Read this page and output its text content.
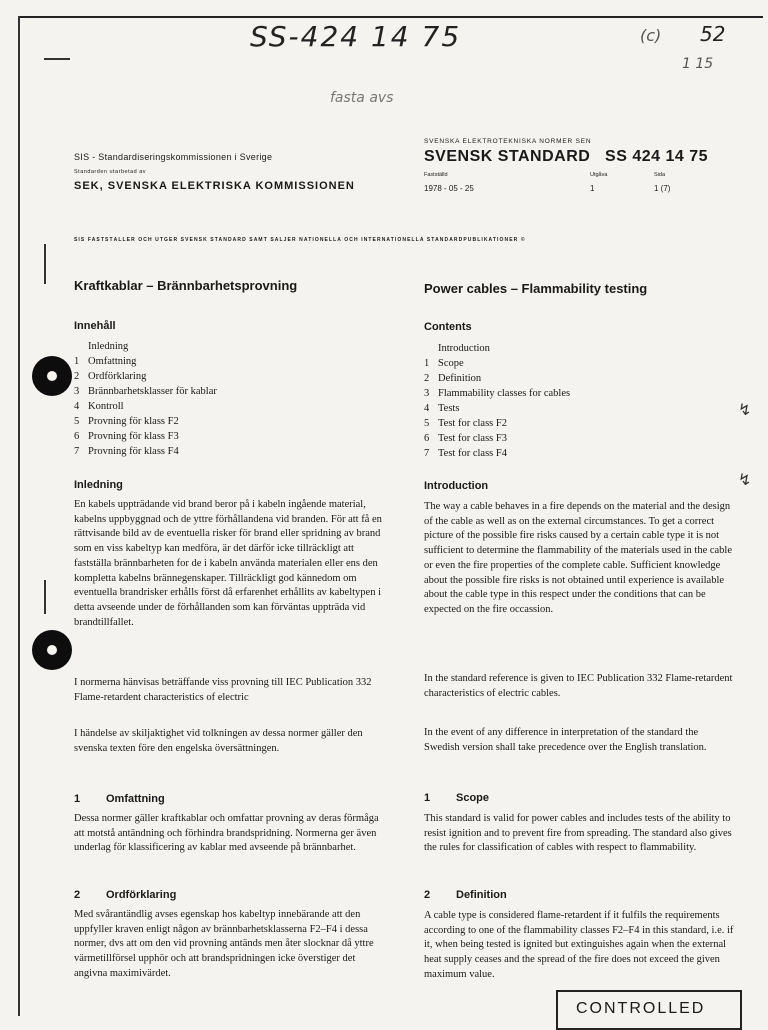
SS-424 14 75	(c) 52
1 15
fasta avs
SIS - Standardiseringskommissionen i Sverige
Standarden utarbetad av
SEK, SVENSKA ELEKTRISKA KOMMISSIONEN
SVENSKA ELEKTROTEKNISKA NORMER SEN
SVENSK STANDARD SS 424 14 75
Fastställd	Utgåva	Sida
1978 - 05 - 25	1	1 (7)
SIS FASTSTÄLLER OCH UTGER SVENSK STANDARD SAMT SÄLJER NATIONELLA OCH INTERNATIONELLA STANDARDPUBLIKATIONER ©
Kraftkablar – Brännbarhetsprovning
Innehåll
Inledning
1 Omfattning
2 Ordförklaring
3 Brännbarhetsklasser för kablar
4 Kontroll
5 Provning för klass F2
6 Provning för klass F3
7 Provning för klass F4
Inledning

En kabels uppträdande vid brand beror på i kabeln ingående material, kabelns uppbyggnad och de yttre förhållandena vid branden. För att få en rättvisande bild av de eventuella risker för brand eller spridning av brand som en viss kabeltyp kan medföra, är det därför icke tillräckligt att fastställa brännbarheten for de i kabeln använda materialen eller ens den kompletta kabelns brännegenskaper. Tillräckligt god kännedom om eventuella brandrisker erhålls först då erfarenhet erhållits av kabeltypen i detta avseende under de förhållanden som kan förväntas uppträda vid brandtillfallet.

I normerna hänvisas beträffande viss provning till IEC Publication 332 Flame-retardent characteristics of electric

I händelse av skiljaktighet vid tolkningen av dessa normer gäller den svenska texten före den engelska översättningen.

1 Omfattning

Dessa normer gäller kraftkablar och omfattar provning av deras förmåga att motstå antändning och förhindra brandspridning. Normerna ger även underlag för klassificering av kablar med avseende på brännbarhet.

2 Ordförklaring

Med svårantändlig avses egenskap hos kabeltyp innebärande att den uppfyller kraven enligt någon av brännbarhetsklasserna F2–F4 i dessa normer, dvs att om den vid provning antänds men åter slocknar då yttre värmetillförsel upphör och att brandspridningen icke överstiger det angivna maximivärdet.

Power cables – Flammability testing
Contents
Introduction
1 Scope
2 Definition
3 Flammability classes for cables
4 Tests
5 Test for class F2
6 Test for class F3
7 Test for class F4
Introduction

The way a cable behaves in a fire depends on the material and the design of the cable as well as on the external circumstances. To get a correct picture of the possible fire risks caused by a certain cable type it is not sufficient to determine the flammability of the materials used in the cable or even the fire properties of the complete cable. Sufficient knowledge about the possible fire risks is not obtained until experience is available about the cable type in this respect under the conditions that can be expected on the fire occassion.

In the standard reference is given to IEC Publication 332 Flame-retardent characteristics of electric cables.

In the event of any difference in interpretation of the standard the Swedish version shall take precedence over the English translation.

1 Scope

This standard is valid for power cables and includes tests of the ability to resist ignition and to prevent fire from spreading. The standard also gives the rules for classification of cables with respect to flammability.

2 Definition

A cable type is considered flame-retardent if it fulfils the requirements according to one of the flammability classes F2–F4 in this standard, i.e. if it, when being tested is ignited but extinguishes again when the external heat supply ceases and the spread of the fire does not exceed the given maximum value.

↯
↯
CONTROLLED
